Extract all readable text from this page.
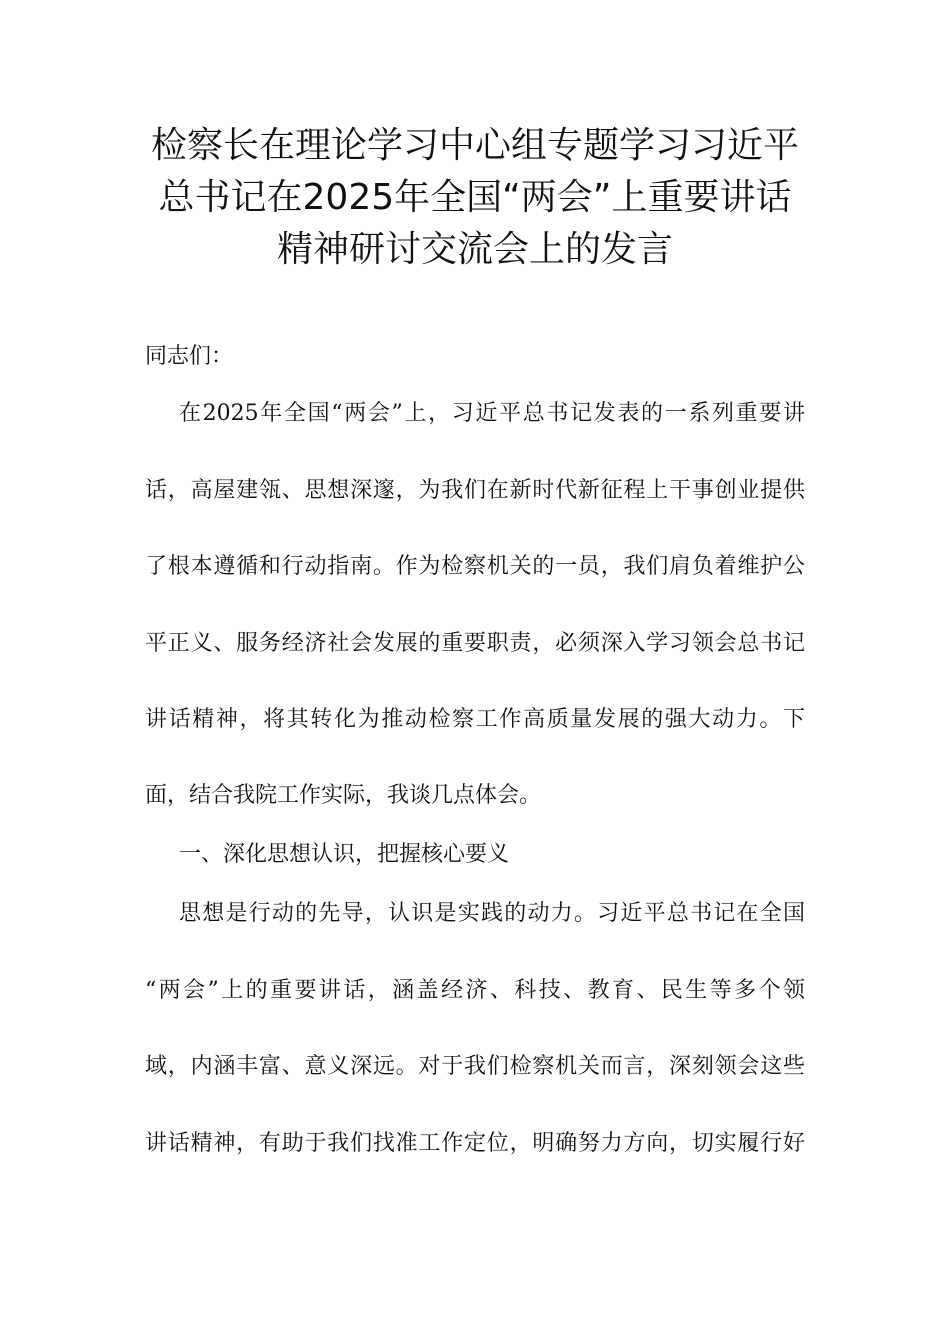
检察长在理论学习中心组专题学习习近平
总书记在2025年全国“两会”上重要讲话
精神研讨交流会上的发言
同志们：
在2025年全国“两会”上，习近平总书记发表的一系列重要讲
话，高屋建瓴、思想深邃，为我们在新时代新征程上干事创业提供
了根本遵循和行动指南。作为检察机关的一员，我们肩负着维护公
平正义、服务经济社会发展的重要职责，必须深入学习领会总书记
讲话精神，将其转化为推动检察工作高质量发展的强大动力。下
面，结合我院工作实际，我谈几点体会。
一、深化思想认识，把握核心要义
思想是行动的先导，认识是实践的动力。习近平总书记在全国
“两会”上的重要讲话，涵盖经济、科技、教育、民生等多个领
域，内涵丰富、意义深远。对于我们检察机关而言，深刻领会这些
讲话精神，有助于我们找准工作定位，明确努力方向，切实履行好
